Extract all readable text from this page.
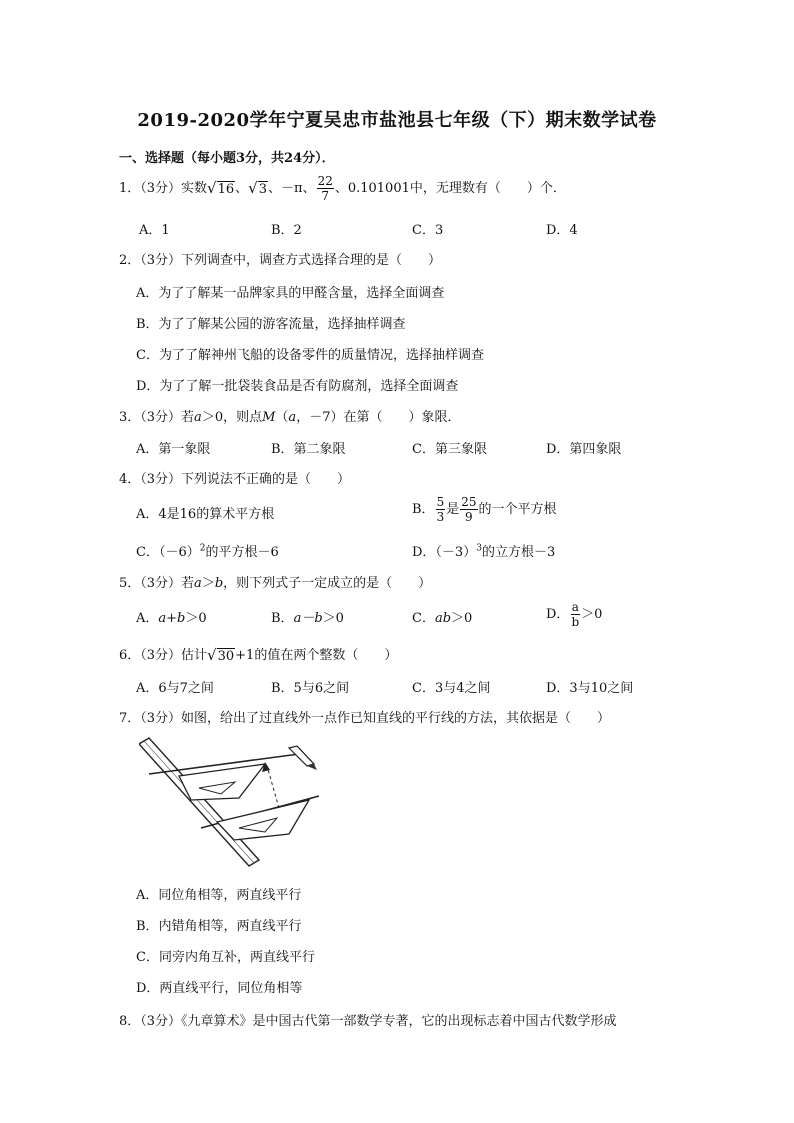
2019-2020学年宁夏吴忠市盐池县七年级（下）期末数学试卷
一、选择题（每小题3分，共24分）．
1．（3分）实数 √ 16 、 √ 3 、－π、 $\frac{22}{7}$ 、0.101001中，无理数有（　　）个．
A．1	B．2	C．3	D．4
2．（3分）下列调查中，调查方式选择合理的是（　　）
A．为了了解某一品牌家具的甲醛含量，选择全面调查
B．为了了解某公园的游客流量，选择抽样调查
C．为了了解神州飞船的设备零件的质量情况，选择抽样调查
D．为了了解一批袋装食品是否有防腐剂，选择全面调查
3．（3分）若a＞0，则点M（a，－7）在第（　　）象限．
A．第一象限	B．第二象限	C．第三象限	D．第四象限
4．（3分）下列说法不正确的是（　　）
A．4是16的算术平方根	B． $\frac{5}{3}$ 是 $\frac{25}{9}$ 的一个平方根
C．$(-6)^2$的平方根－6	D．$(-3)^3$的立方根－3
5．（3分）若a＞b，则下列式子一定成立的是（　　）
A．a+b＞0	B．a－b＞0	C．ab＞0	D． $\frac{a}{b} >0$
6．（3分）估计 √ 30 +1的值在两个整数（　　）
A．6与7之间	B．5与6之间	C．3与4之间	D．3与10之间
7．（3分）如图，给出了过直线外一点作已知直线的平行线的方法，其依据是（　　）
A．同位角相等，两直线平行
B．内错角相等，两直线平行
C．同旁内角互补，两直线平行
D．两直线平行，同位角相等
8．（3分）《九章算术》是中国古代第一部数学专著，它的出现标志着中国古代数学形成
